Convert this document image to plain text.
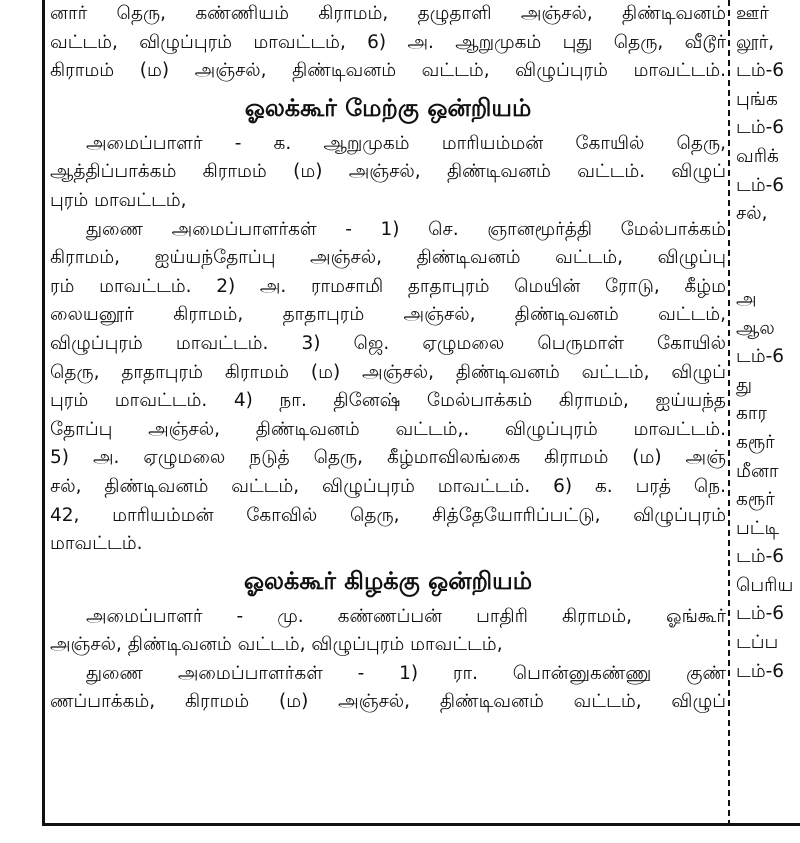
னார் தெரு, கண்ணியம் கிராமம், தழுதாளி அஞ்சல், திண்டிவனம்
வட்டம், விழுப்புரம் மாவட்டம், 6) அ. ஆறுமுகம் புது தெரு, வீடூர்
கிராமம் (ம) அஞ்சல், திண்டிவனம் வட்டம், விழுப்புரம் மாவட்டம்.
ஓலக்கூர் மேற்கு ஒன்றியம்
அமைப்பாளர் - க. ஆறுமுகம் மாரியம்மன் கோயில் தெரு,
ஆத்திப்பாக்கம் கிராமம் (ம) அஞ்சல், திண்டிவனம் வட்டம். விழுப்
புரம் மாவட்டம்,
துணை அமைப்பாளர்கள் - 1) செ. ஞானமூர்த்தி மேல்பாக்கம்
கிராமம், ஐய்யந்தோப்பு அஞ்சல், திண்டிவனம் வட்டம், விழுப்பு
ரம் மாவட்டம். 2) அ. ராமசாமி தாதாபுரம் மெயின் ரோடு, கீழ்ம
லையனூர் கிராமம், தாதாபுரம் அஞ்சல், திண்டிவனம் வட்டம்,
விழுப்புரம் மாவட்டம். 3) ஜெ. ஏழுமலை பெருமாள் கோயில்
தெரு, தாதாபுரம் கிராமம் (ம) அஞ்சல், திண்டிவனம் வட்டம், விழுப்
புரம் மாவட்டம். 4) நா. தினேஷ் மேல்பாக்கம் கிராமம், ஐய்யந்த
தோப்பு அஞ்சல், திண்டிவனம் வட்டம்,. விழுப்புரம் மாவட்டம்.
5) அ. ஏழுமலை நடுத் தெரு, கீழ்மாவிலங்கை கிராமம் (ம) அஞ்
சல், திண்டிவனம் வட்டம், விழுப்புரம் மாவட்டம். 6) க. பரத் நெ.
42, மாரியம்மன் கோவில் தெரு, சித்தேயோரிப்பட்டு, விழுப்புரம்
மாவட்டம்.
ஓலக்கூர் கிழக்கு ஒன்றியம்
அமைப்பாளர் - மு. கண்ணப்பன் பாதிரி கிராமம், ஓங்கூர்
அஞ்சல், திண்டிவனம் வட்டம், விழுப்புரம் மாவட்டம்,
துணை அமைப்பாளர்கள் - 1) ரா. பொன்னுகண்ணு குண்
ணப்பாக்கம், கிராமம் (ம) அஞ்சல், திண்டிவனம் வட்டம், விழுப்
ஊர்
லூர்,
டம்-6
புங்க
டம்-6
வரிக்
டம்-6
சல்,
அ
ஆல
டம்-6
து
கார
கரூர்
மீனா
கரூர்
பட்டி
டம்-6
பெரிய
டம்-6
டப்ப
டம்-6
